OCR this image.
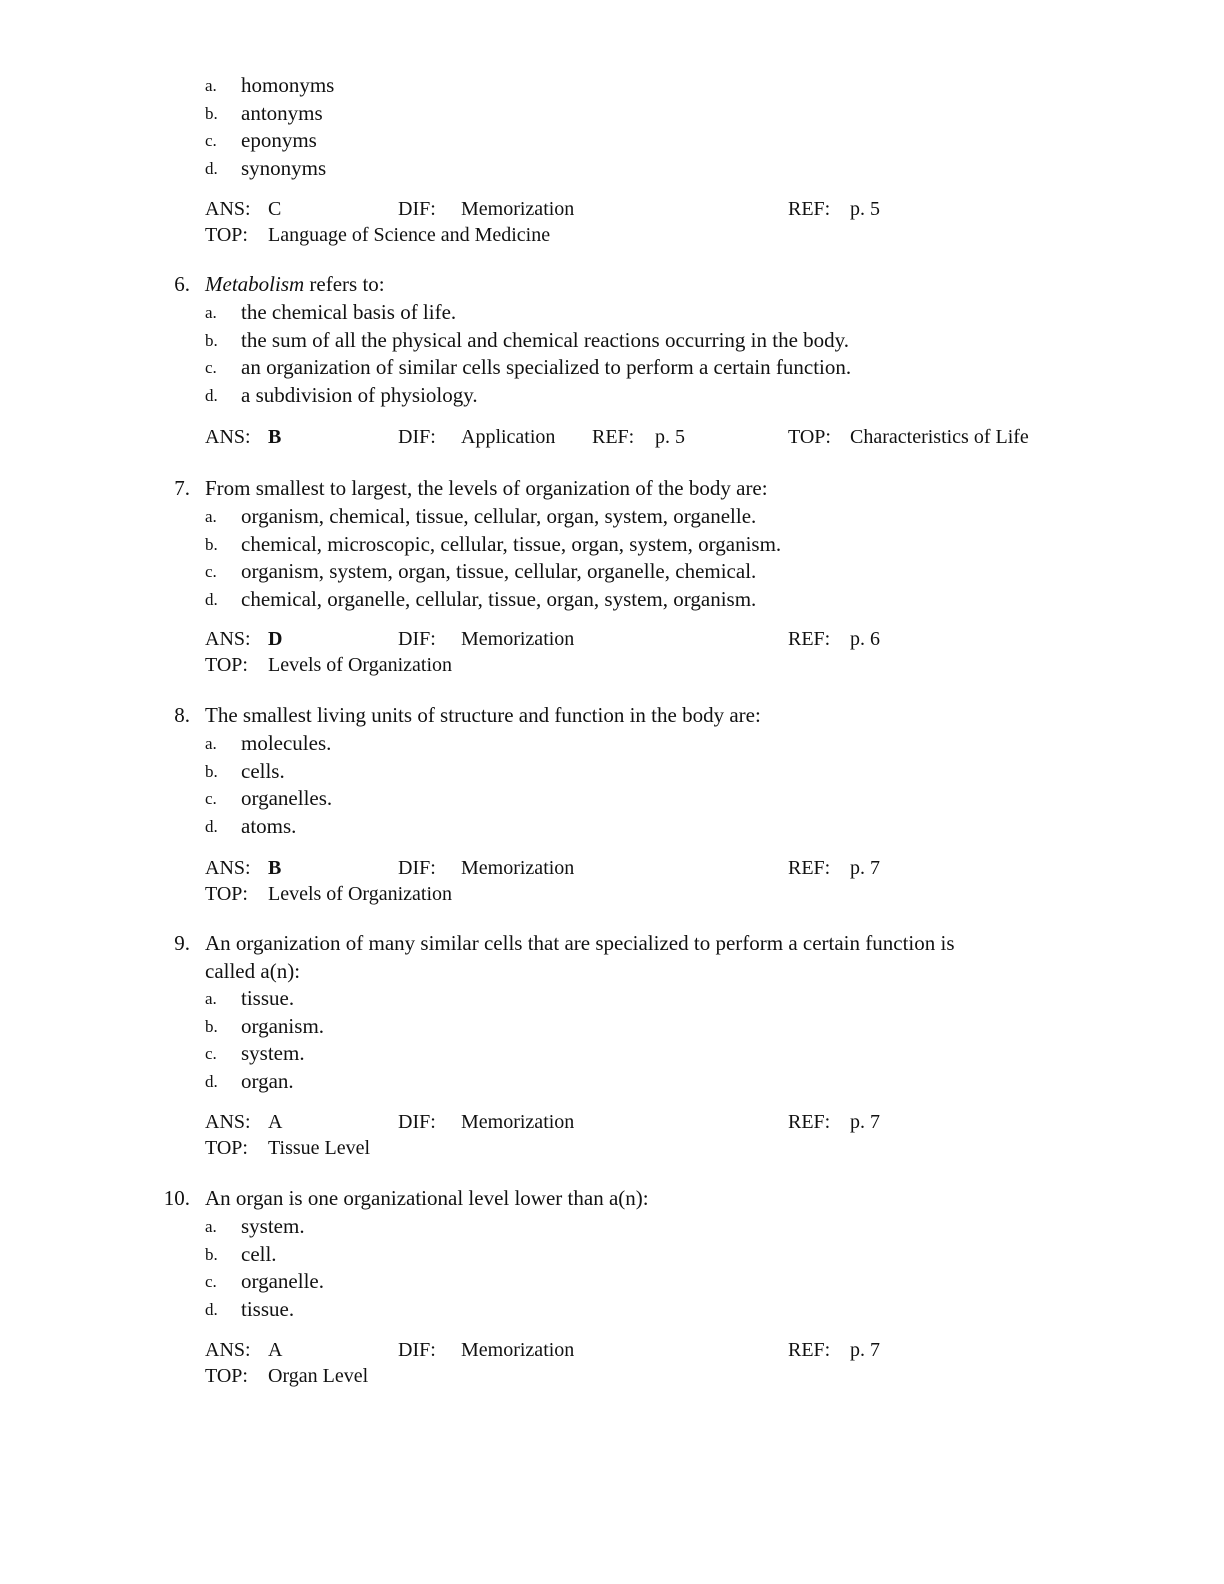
a. homonyms
b. antonyms
c. eponyms
d. synonyms
ANS: C	DIF: Memorization	REF: p. 5
TOP: Language of Science and Medicine
6. Metabolism refers to:
a. the chemical basis of life.
b. the sum of all the physical and chemical reactions occurring in the body.
c. an organization of similar cells specialized to perform a certain function.
d. a subdivision of physiology.
ANS: B	DIF: Application REF: p. 5	TOP: Characteristics of Life
7. From smallest to largest, the levels of organization of the body are:
a. organism, chemical, tissue, cellular, organ, system, organelle.
b. chemical, microscopic, cellular, tissue, organ, system, organism.
c. organism, system, organ, tissue, cellular, organelle, chemical.
d. chemical, organelle, cellular, tissue, organ, system, organism.
ANS: D	DIF: Memorization	REF: p. 6
TOP: Levels of Organization
8. The smallest living units of structure and function in the body are:
a. molecules.
b. cells.
c. organelles.
d. atoms.
ANS: B	DIF: Memorization	REF: p. 7
TOP: Levels of Organization
9. An organization of many similar cells that are specialized to perform a certain function is
called a(n):
a. tissue.
b. organism.
c. system.
d. organ.
ANS: A	DIF: Memorization	REF: p. 7
TOP: Tissue Level
10. An organ is one organizational level lower than a(n):
a. system.
b. cell.
c. organelle.
d. tissue.
ANS: A	DIF: Memorization	REF: p. 7
TOP: Organ Level
